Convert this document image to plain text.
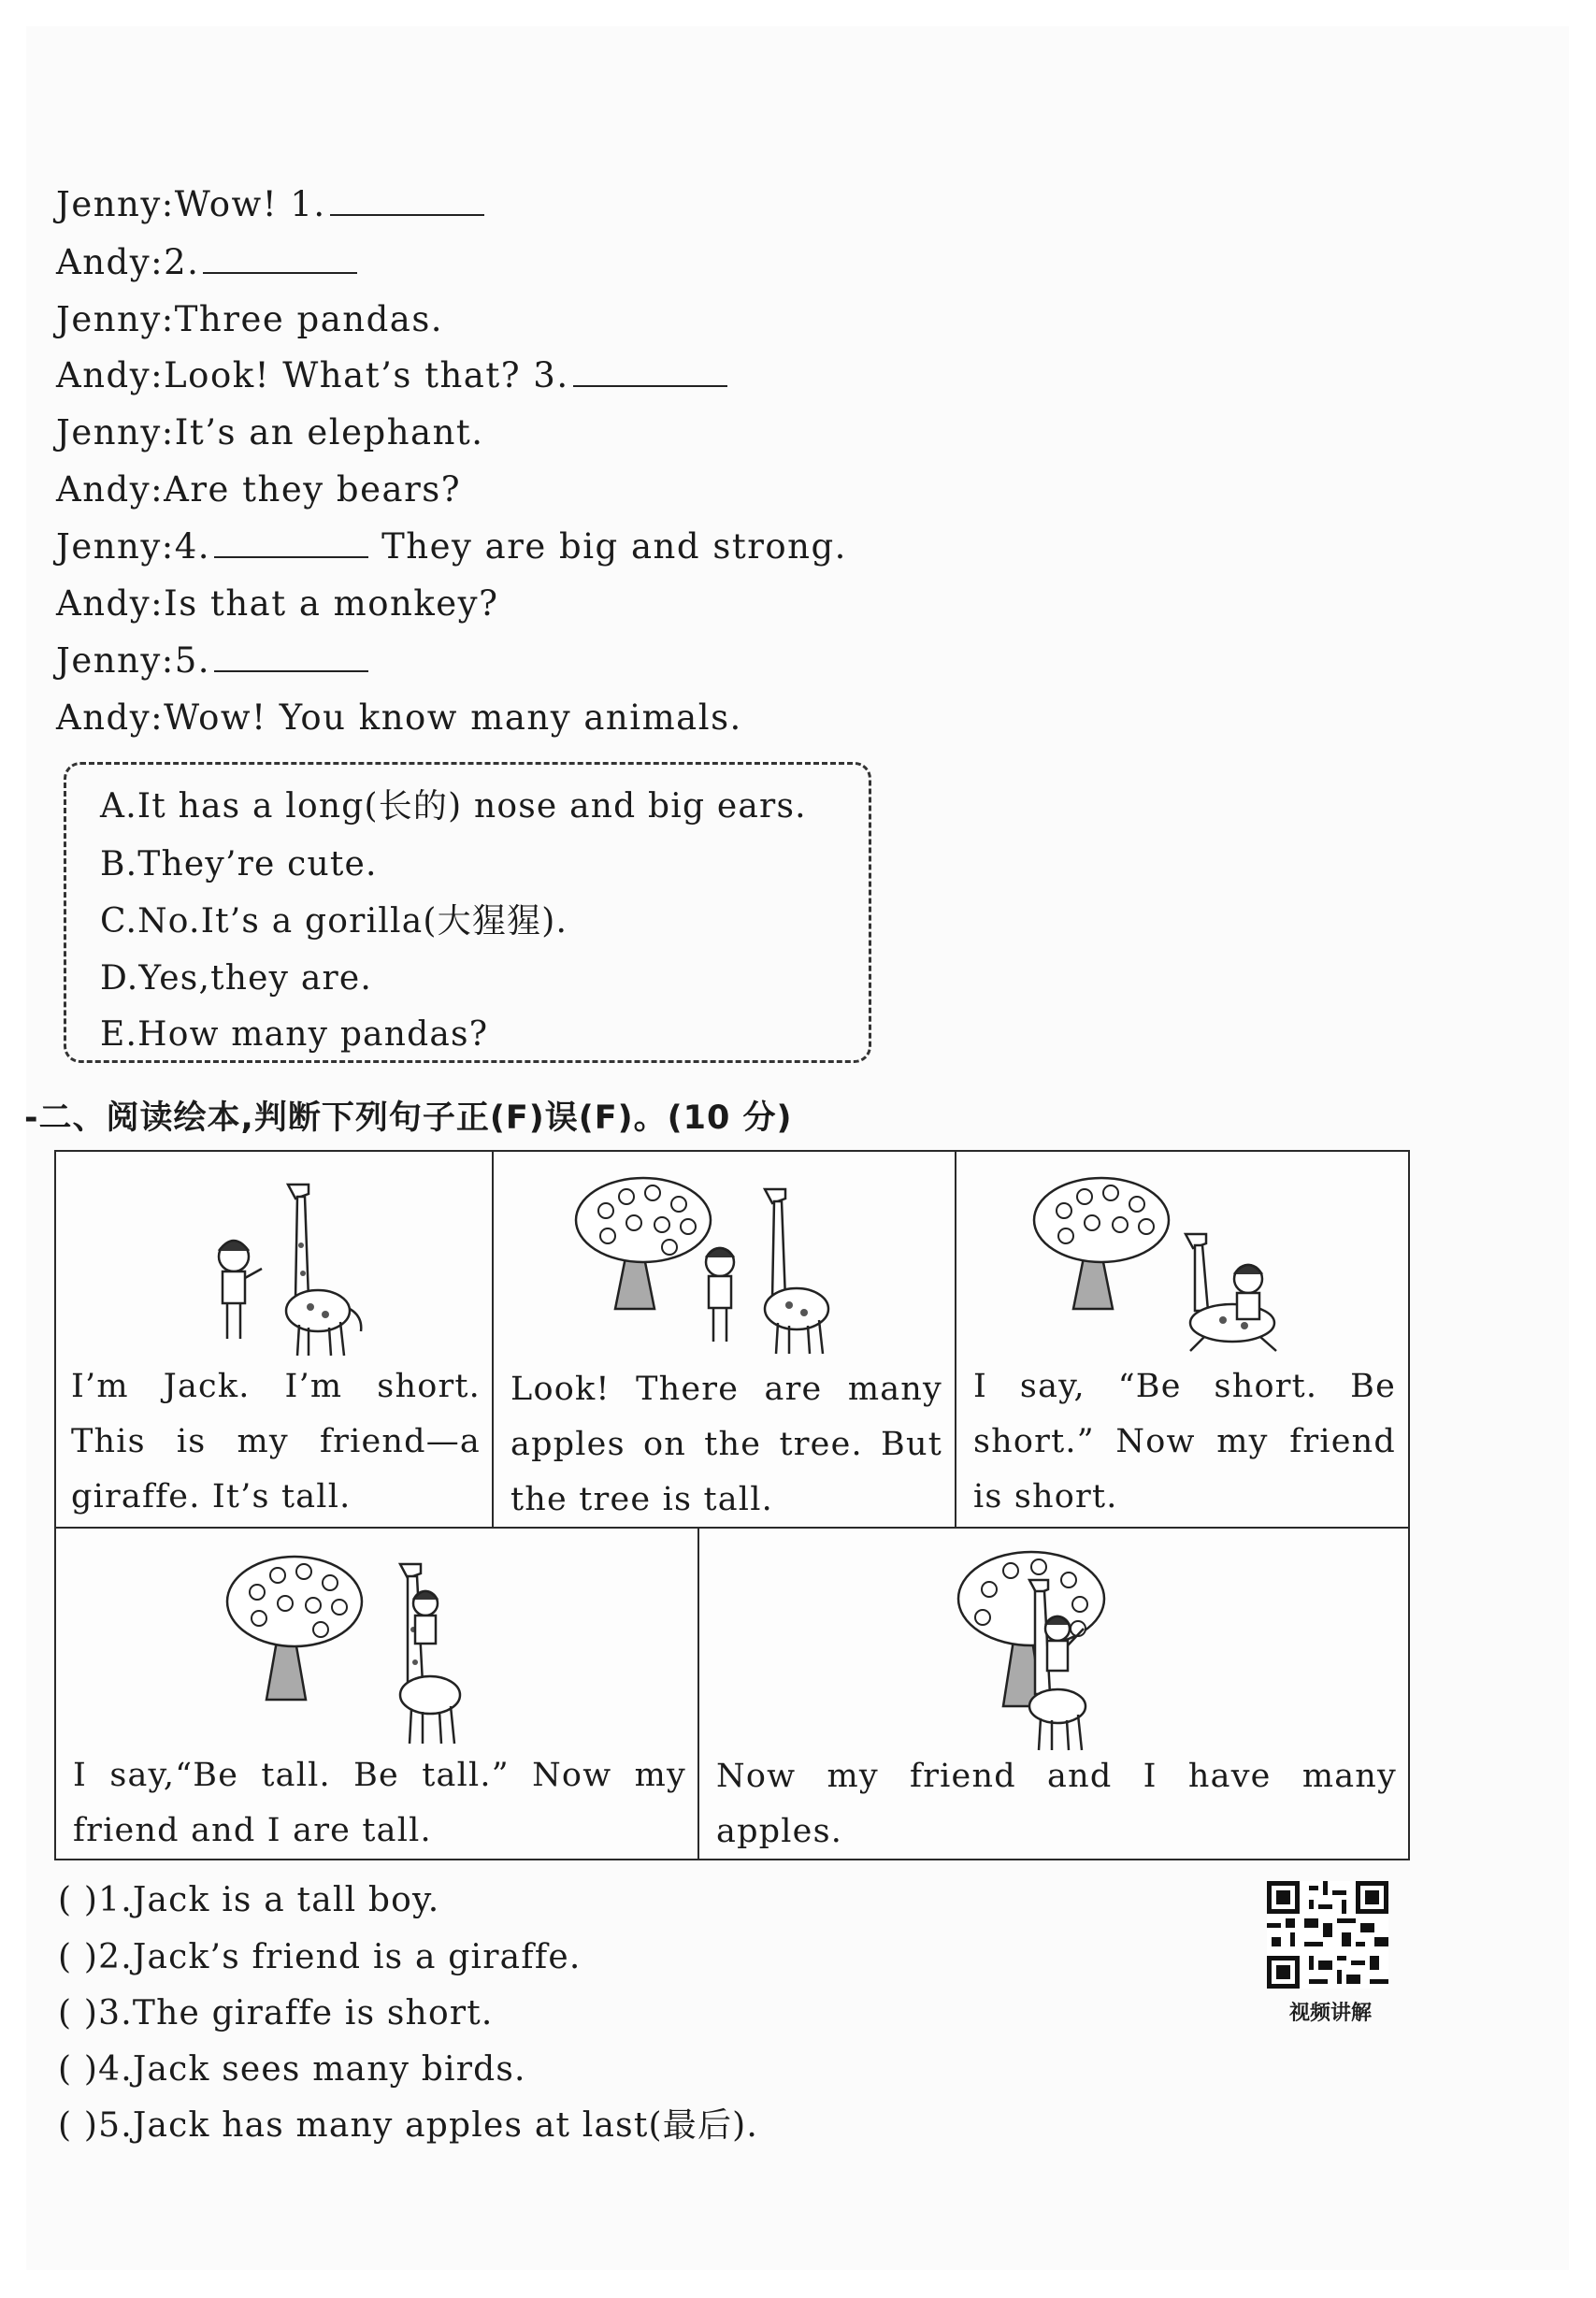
Jenny:Wow! 1.
Andy:2.
Jenny:Three pandas.
Andy:Look! What’s that? 3.
Jenny:It’s an elephant.
Andy:Are they bears?
Jenny:4.	They are big and strong.
Andy:Is that a monkey?
Jenny:5.
Andy:Wow! You know many animals.
A.It has a long(长的) nose and big ears.
B.They’re cute.
C.No.It’s a gorilla(大猩猩).
D.Yes,they are.
E.How many pandas?
-二、阅读绘本,判断下列句子正(F)误(F)。(10 分)
I’m Jack. I’m short. This is my friend—a giraffe. It’s tall.
Look! There are many apples on the tree. But the tree is tall.
I say, “Be short. Be short.” Now my friend is short.
I say,“Be tall. Be tall.” Now my friend and I are tall.
Now my friend and I have many apples.
( )1.Jack is a tall boy.
( )2.Jack’s friend is a giraffe.
( )3.The giraffe is short.
( )4.Jack sees many birds.
( )5.Jack has many apples at last(最后).
视频讲解
